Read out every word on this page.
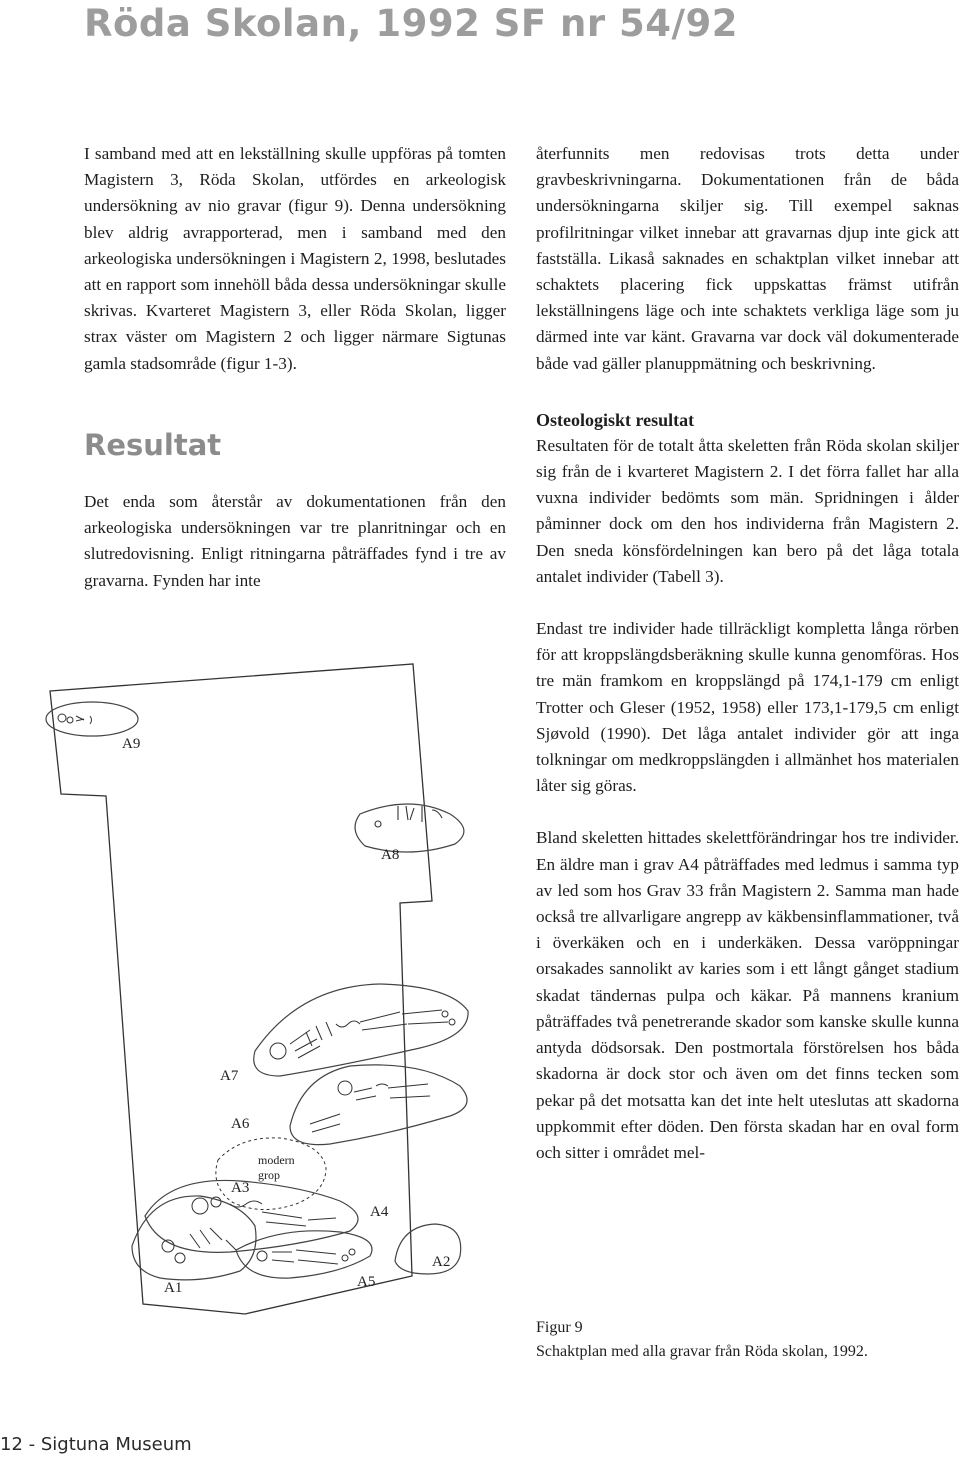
Röda Skolan, 1992 SF nr 54/92

I samband med att en lekställning skulle uppföras på tomten Magistern 3, Röda Skolan, utfördes en arkeologisk undersökning av nio gravar (figur 9). Denna undersökning blev aldrig avrapporterad, men i samband med den arkeologiska undersökningen i Magistern 2, 1998, beslutades att en rapport som innehöll båda dessa undersökningar skulle skrivas. Kvarteret Magistern 3, eller Röda Skolan, ligger strax väster om Magistern 2 och ligger närmare Sigtunas gamla stadsområde (figur 1-3).

Resultat

Det enda som återstår av dokumentationen från den arkeologiska undersökningen var tre planritningar och en slutredovisning. Enligt ritningarna påträffades fynd i tre av gravarna. Fynden har inte

återfunnits men redovisas trots detta under gravbeskrivningarna. Dokumentationen från de båda undersökningarna skiljer sig. Till exempel saknas profilritningar vilket innebar att gravarnas djup inte gick att fastställa. Likaså saknades en schaktplan vilket innebar att schaktets placering fick uppskattas främst utifrån lekställningens läge och inte schaktets verkliga läge som ju därmed inte var känt. Gravarna var dock väl dokumenterade både vad gäller planuppmätning och beskrivning.

Osteologiskt resultat

Resultaten för de totalt åtta skeletten från Röda skolan skiljer sig från de i kvarteret Magistern 2. I det förra fallet har alla vuxna individer bedömts som män. Spridningen i ålder påminner dock om den hos individerna från Magistern 2. Den sneda könsfördelningen kan bero på det låga totala antalet individer (Tabell 3).

Endast tre individer hade tillräckligt kompletta långa rörben för att kroppslängdsberäkning skulle kunna genomföras. Hos tre män framkom en kroppslängd på 174,1-179 cm enligt Trotter och Gleser (1952, 1958) eller 173,1-179,5 cm enligt Sjøvold (1990). Det låga antalet individer gör att inga tolkningar om medkroppslängden i allmänhet hos materialen låter sig göras.

Bland skeletten hittades skelettförändringar hos tre individer. En äldre man i grav A4 påträffades med ledmus i samma typ av led som hos Grav 33 från Magistern 2. Samma man hade också tre allvarligare angrepp av käkbensinflammationer, två i överkäken och en i underkäken. Dessa varöppningar orsakades sannolikt av karies som i ett långt gånget stadium skadat tändernas pulpa och käkar. På mannens kranium påträffades två penetrerande skador som kanske skulle kunna antyda dödsorsak. Den postmortala förstörelsen hos båda skadorna är dock stor och även om det finns tecken som pekar på det motsatta kan det inte helt uteslutas att skadorna uppkommit efter döden. Den första skadan har en oval form och sitter i området mel-

A9
A8
A7
A6
modern
grop
A3
A1	A5
A4
A2
Figur 9
Schaktplan med alla gravar från Röda skolan, 1992.
12 - Sigtuna Museum
